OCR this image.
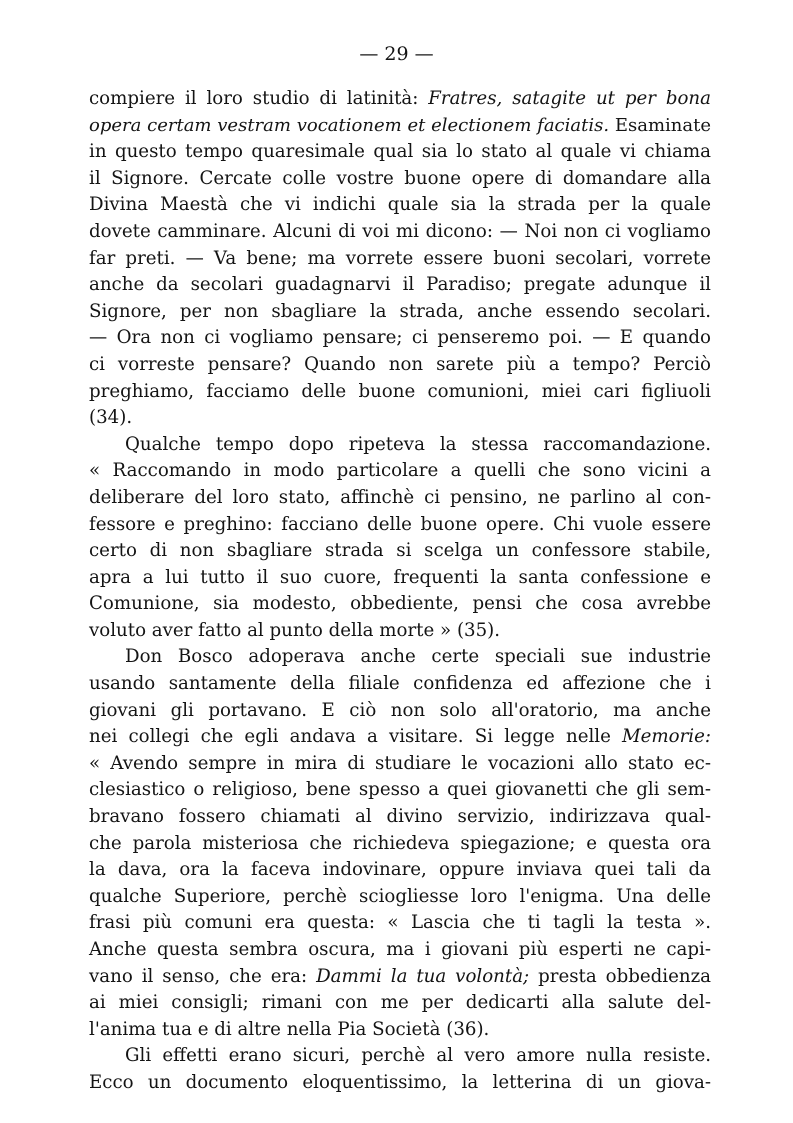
— 29 —
compiere il loro studio di latinità: Fratres, satagite ut per bona
opera certam vestram vocationem et electionem faciatis. Esaminate
in questo tempo quaresimale qual sia lo stato al quale vi chiama
il Signore. Cercate colle vostre buone opere di domandare alla
Divina Maestà che vi indichi quale sia la strada per la quale
dovete camminare. Alcuni di voi mi dicono: — Noi non ci vogliamo
far preti. — Va bene; ma vorrete essere buoni secolari, vorrete
anche da secolari guadagnarvi il Paradiso; pregate adunque il
Signore, per non sbagliare la strada, anche essendo secolari.
— Ora non ci vogliamo pensare; ci penseremo poi. — E quando
ci vorreste pensare? Quando non sarete più a tempo? Perciò
preghiamo, facciamo delle buone comunioni, miei cari figliuoli
(34).
Qualche tempo dopo ripeteva la stessa raccomandazione.
« Raccomando in modo particolare a quelli che sono vicini a
deliberare del loro stato, affinchè ci pensino, ne parlino al con-
fessore e preghino: facciano delle buone opere. Chi vuole essere
certo di non sbagliare strada si scelga un confessore stabile,
apra a lui tutto il suo cuore, frequenti la santa confessione e
Comunione, sia modesto, obbediente, pensi che cosa avrebbe
voluto aver fatto al punto della morte » (35).
Don Bosco adoperava anche certe speciali sue industrie
usando santamente della filiale confidenza ed affezione che i
giovani gli portavano. E ciò non solo all'oratorio, ma anche
nei collegi che egli andava a visitare. Si legge nelle Memorie:
« Avendo sempre in mira di studiare le vocazioni allo stato ec-
clesiastico o religioso, bene spesso a quei giovanetti che gli sem-
bravano fossero chiamati al divino servizio, indirizzava qual-
che parola misteriosa che richiedeva spiegazione; e questa ora
la dava, ora la faceva indovinare, oppure inviava quei tali da
qualche Superiore, perchè sciogliesse loro l'enigma. Una delle
frasi più comuni era questa: « Lascia che ti tagli la testa ».
Anche questa sembra oscura, ma i giovani più esperti ne capi-
vano il senso, che era: Dammi la tua volontà; presta obbedienza
ai miei consigli; rimani con me per dedicarti alla salute del-
l'anima tua e di altre nella Pia Società (36).
Gli effetti erano sicuri, perchè al vero amore nulla resiste.
Ecco un documento eloquentissimo, la letterina di un giova-
